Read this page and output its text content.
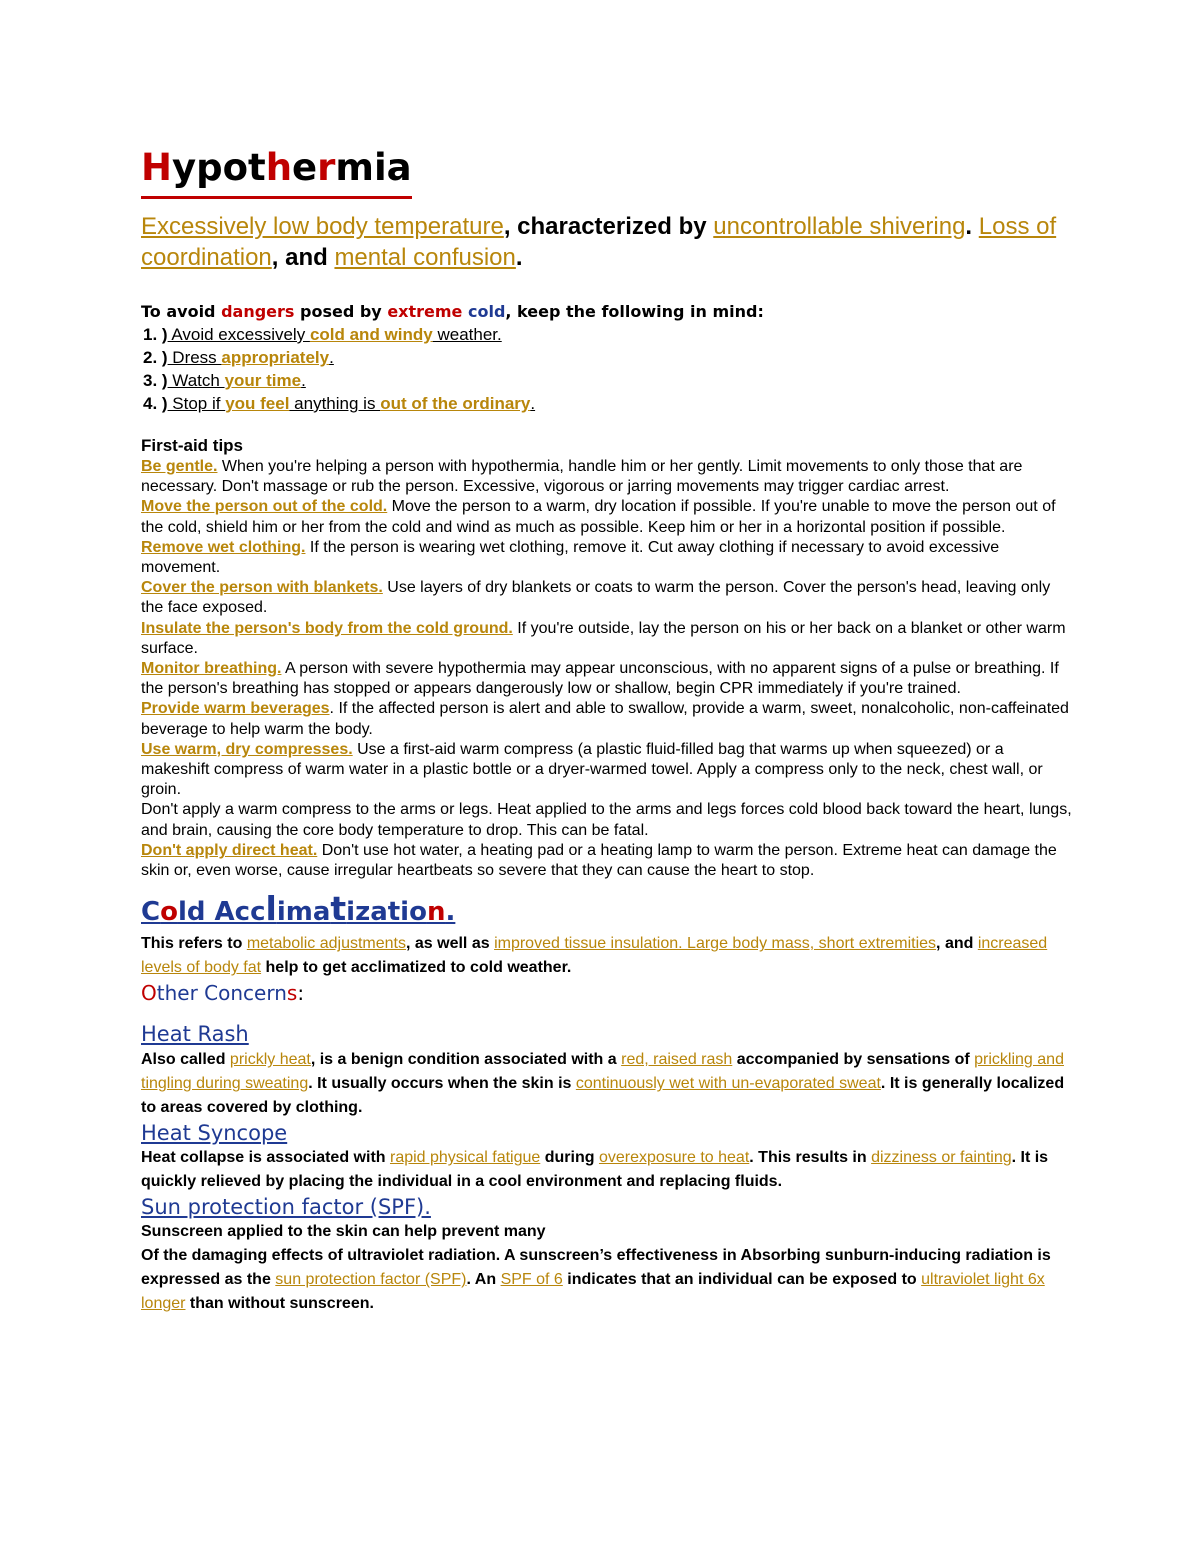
Hypothermia

Excessively low body temperature, characterized by uncontrollable shivering. Loss of coordination, and mental confusion.

To avoid dangers posed by extreme cold, keep the following in mind:

1. ) Avoid excessively cold and windy weather.
2. ) Dress appropriately.
3. ) Watch your time.
4. ) Stop if you feel anything is out of the ordinary.

First-aid tips

Be gentle. When you're helping a person with hypothermia, handle him or her gently. Limit movements to only those that are necessary. Don't massage or rub the person. Excessive, vigorous or jarring movements may trigger cardiac arrest.

Move the person out of the cold. Move the person to a warm, dry location if possible. If you're unable to move the person out of the cold, shield him or her from the cold and wind as much as possible. Keep him or her in a horizontal position if possible.

Remove wet clothing. If the person is wearing wet clothing, remove it. Cut away clothing if necessary to avoid excessive movement.

Cover the person with blankets. Use layers of dry blankets or coats to warm the person. Cover the person's head, leaving only the face exposed.

Insulate the person's body from the cold ground. If you're outside, lay the person on his or her back on a blanket or other warm surface.

Monitor breathing. A person with severe hypothermia may appear unconscious, with no apparent signs of a pulse or breathing. If the person's breathing has stopped or appears dangerously low or shallow, begin CPR immediately if you're trained.

Provide warm beverages. If the affected person is alert and able to swallow, provide a warm, sweet, nonalcoholic, non-caffeinated beverage to help warm the body.

Use warm, dry compresses. Use a first-aid warm compress (a plastic fluid-filled bag that warms up when squeezed) or a makeshift compress of warm water in a plastic bottle or a dryer-warmed towel. Apply a compress only to the neck, chest wall, or groin.

Don't apply a warm compress to the arms or legs. Heat applied to the arms and legs forces cold blood back toward the heart, lungs, and brain, causing the core body temperature to drop. This can be fatal.

Don't apply direct heat. Don't use hot water, a heating pad or a heating lamp to warm the person. Extreme heat can damage the skin or, even worse, cause irregular heartbeats so severe that they can cause the heart to stop.

Cold Acclimatization.

This refers to metabolic adjustments, as well as improved tissue insulation. Large body mass, short extremities, and increased levels of body fat help to get acclimatized to cold weather.

Other Concerns:

Heat Rash

Also called prickly heat, is a benign condition associated with a red, raised rash accompanied by sensations of prickling and tingling during sweating. It usually occurs when the skin is continuously wet with un-evaporated sweat. It is generally localized to areas covered by clothing.

Heat Syncope

Heat collapse is associated with rapid physical fatigue during overexposure to heat. This results in dizziness or fainting. It is quickly relieved by placing the individual in a cool environment and replacing fluids.

Sun protection factor (SPF).

Sunscreen applied to the skin can help prevent many

Of the damaging effects of ultraviolet radiation. A sunscreen’s effectiveness in Absorbing sunburn-inducing radiation is expressed as the sun protection factor (SPF). An SPF of 6 indicates that an individual can be exposed to ultraviolet light 6x longer than without sunscreen.
